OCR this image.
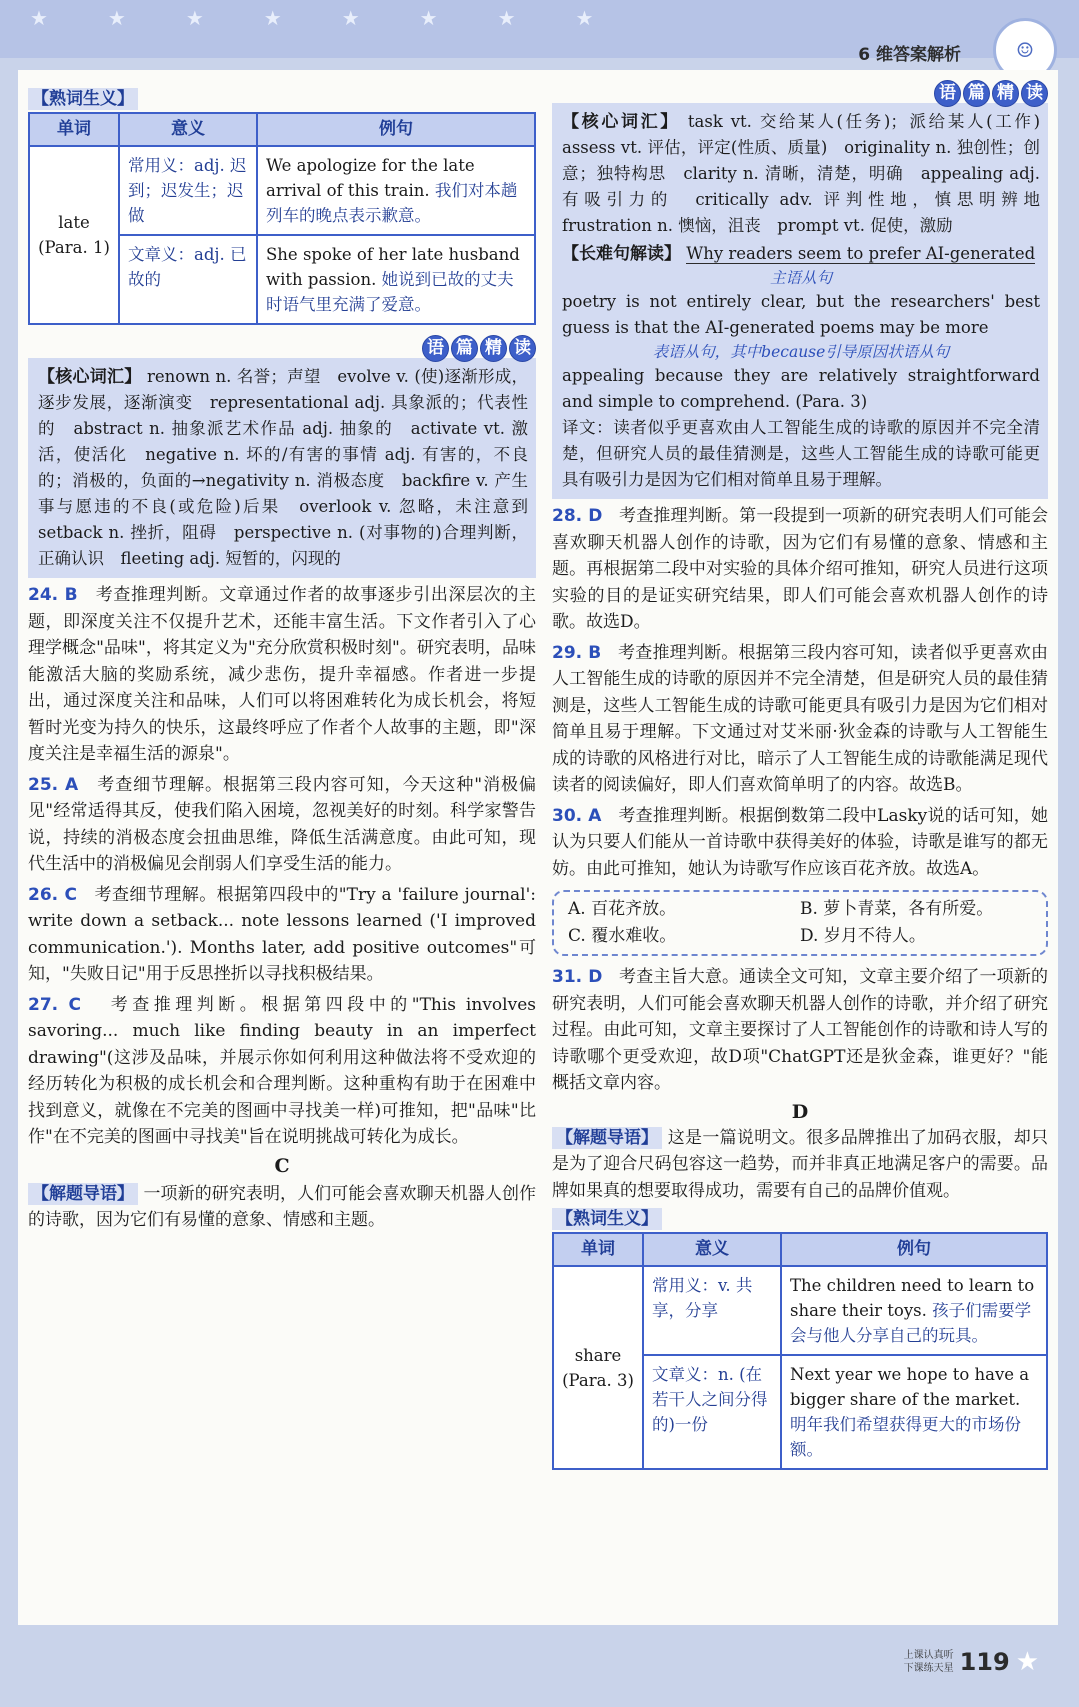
★★★★★★★★
6 维答案解析	☺
【熟词生义】
单词	意义	例句

late
(Para. 1)	常用义：adj. 迟到；迟发生；迟做	We apologize for the late arrival of this train. 我们对本趟列车的晚点表示歉意。
	文章义：adj. 已故的	She spoke of her late husband with passion. 她说到已故的丈夫时语气里充满了爱意。
语 篇 精 读
【核心词汇】 renown n. 名誉；声望　evolve v. (使)逐渐形成，逐步发展，逐渐演变　representational adj. 具象派的；代表性的　abstract n. 抽象派艺术作品 adj. 抽象的　activate vt. 激活，使活化　negative n. 坏的/有害的事情 adj. 有害的，不良的；消极的，负面的→negativity n. 消极态度　backfire v. 产生事与愿违的不良(或危险)后果　overlook v. 忽略，未注意到　setback n. 挫折，阻碍　perspective n. (对事物的)合理判断，正确认识　fleeting adj. 短暂的，闪现的

24. B 考查推理判断。文章通过作者的故事逐步引出深层次的主题，即深度关注不仅提升艺术，还能丰富生活。下文作者引入了心理学概念"品味"，将其定义为"充分欣赏积极时刻"。研究表明，品味能激活大脑的奖励系统，减少悲伤，提升幸福感。作者进一步提出，通过深度关注和品味，人们可以将困难转化为成长机会，将短暂时光变为持久的快乐，这最终呼应了作者个人故事的主题，即"深度关注是幸福生活的源泉"。

25. A 考查细节理解。根据第三段内容可知，今天这种"消极偏见"经常适得其反，使我们陷入困境，忽视美好的时刻。科学家警告说，持续的消极态度会扭曲思维，降低生活满意度。由此可知，现代生活中的消极偏见会削弱人们享受生活的能力。

26. C 考查细节理解。根据第四段中的"Try a 'failure journal': write down a setback... note lessons learned ('I improved communication.'). Months later, add positive outcomes"可知，"失败日记"用于反思挫折以寻找积极结果。

27. C 考查推理判断。根据第四段中的"This involves savoring... much like finding beauty in an imperfect drawing"(这涉及品味，并展示你如何利用这种做法将不受欢迎的经历转化为积极的成长机会和合理判断。这种重构有助于在困难中找到意义，就像在不完美的图画中寻找美一样)可推知，把"品味"比作"在不完美的图画中寻找美"旨在说明挑战可转化为成长。

C

【解题导语】 一项新的研究表明，人们可能会喜欢聊天机器人创作的诗歌，因为它们有易懂的意象、情感和主题。

语 篇 精 读
【核心词汇】 task vt. 交给某人(任务)；派给某人(工作)　assess vt. 评估，评定(性质、质量)　originality n. 独创性；创意；独特构思　clarity n. 清晰，清楚，明确　appealing adj. 有吸引力的　critically adv. 评判性地，慎思明辨地　frustration n. 懊恼，沮丧　prompt vt. 促使，激励
【长难句解读】 Why readers seem to prefer AI-generated
主语从句
poetry is not entirely clear, but the researchers' best guess is that the AI-generated poems may be more
表语从句，其中because引导原因状语从句
appealing because they are relatively straightforward and simple to comprehend. (Para. 3)
译文：读者似乎更喜欢由人工智能生成的诗歌的原因并不完全清楚，但研究人员的最佳猜测是，这些人工智能生成的诗歌可能更具有吸引力是因为它们相对简单且易于理解。

28. D 考查推理判断。第一段提到一项新的研究表明人们可能会喜欢聊天机器人创作的诗歌，因为它们有易懂的意象、情感和主题。再根据第二段中对实验的具体介绍可推知，研究人员进行这项实验的目的是证实研究结果，即人们可能会喜欢机器人创作的诗歌。故选D。

29. B 考查推理判断。根据第三段内容可知，读者似乎更喜欢由人工智能生成的诗歌的原因并不完全清楚，但是研究人员的最佳猜测是，这些人工智能生成的诗歌可能更具有吸引力是因为它们相对简单且易于理解。下文通过对艾米丽·狄金森的诗歌与人工智能生成的诗歌的风格进行对比，暗示了人工智能生成的诗歌能满足现代读者的阅读偏好，即人们喜欢简单明了的内容。故选B。

30. A 考查推理判断。根据倒数第二段中Lasky说的话可知，她认为只要人们能从一首诗歌中获得美好的体验，诗歌是谁写的都无妨。由此可推知，她认为诗歌写作应该百花齐放。故选A。

A. 百花齐放。	B. 萝卜青菜，各有所爱。
C. 覆水难收。	D. 岁月不待人。

31. D 考查主旨大意。通读全文可知，文章主要介绍了一项新的研究表明，人们可能会喜欢聊天机器人创作的诗歌，并介绍了研究过程。由此可知，文章主要探讨了人工智能创作的诗歌和诗人写的诗歌哪个更受欢迎，故D项"ChatGPT还是狄金森，谁更好？"能概括文章内容。

D

【解题导语】 这是一篇说明文。很多品牌推出了加码衣服，却只是为了迎合尺码包容这一趋势，而并非真正地满足客户的需要。品牌如果真的想要取得成功，需要有自己的品牌价值观。

【熟词生义】
单词	意义	例句

share
(Para. 3)	常用义：v. 共享，分享	The children need to learn to share their toys. 孩子们需要学会与他人分享自己的玩具。
	文章义：n. (在若干人之间分得的)一份	Next year we hope to have a bigger share of the market. 明年我们希望获得更大的市场份额。
上课认真听
下课练天星 119 ★
